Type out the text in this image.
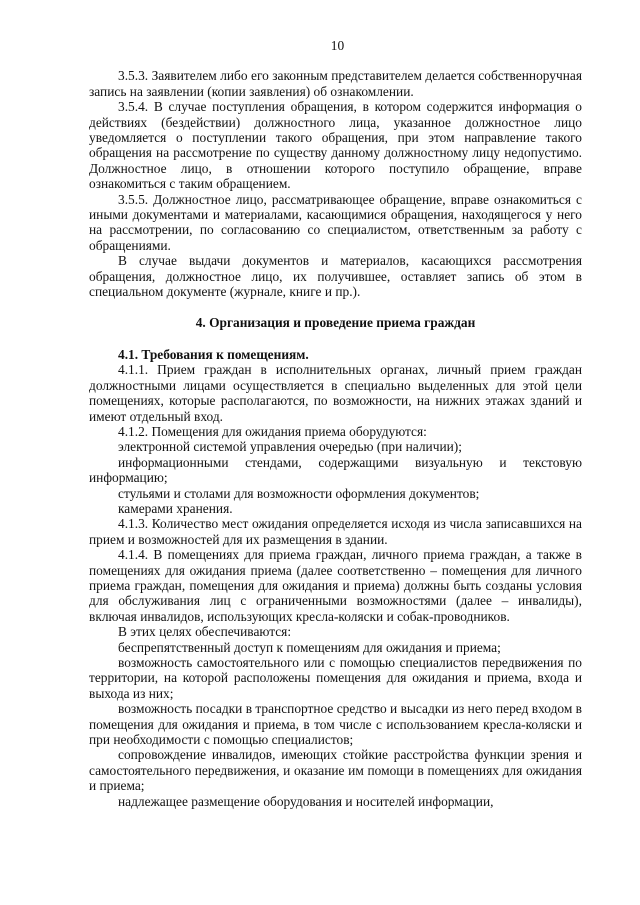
10

3.5.3. Заявителем либо его законным представителем делается собственноручная запись на заявлении (копии заявления) об ознакомлении.

3.5.4. В случае поступления обращения, в котором содержится информация о действиях (бездействии) должностного лица, указанное должностное лицо уведомляется о поступлении такого обращения, при этом направление такого обращения на рассмотрение по существу данному должностному лицу недопустимо. Должностное лицо, в отношении которого поступило обращение, вправе ознакомиться с таким обращением.

3.5.5. Должностное лицо, рассматривающее обращение, вправе ознакомиться с иными документами и материалами, касающимися обращения, находящегося у него на рассмотрении, по согласованию со специалистом, ответственным за работу с обращениями.

В случае выдачи документов и материалов, касающихся рассмотрения обращения, должностное лицо, их получившее, оставляет запись об этом в специальном документе (журнале, книге и пр.).

4. Организация и проведение приема граждан

4.1. Требования к помещениям.

4.1.1. Прием граждан в исполнительных органах, личный прием граждан должностными лицами осуществляется в специально выделенных для этой цели помещениях, которые располагаются, по возможности, на нижних этажах зданий и имеют отдельный вход.

4.1.2. Помещения для ожидания приема оборудуются:

электронной системой управления очередью (при наличии);

информационными стендами, содержащими визуальную и текстовую информацию;

стульями и столами для возможности оформления документов;

камерами хранения.

4.1.3. Количество мест ожидания определяется исходя из числа записавшихся на прием и возможностей для их размещения в здании.

4.1.4. В помещениях для приема граждан, личного приема граждан, а также в помещениях для ожидания приема (далее соответственно – помещения для личного приема граждан, помещения для ожидания и приема) должны быть созданы условия для обслуживания лиц с ограниченными возможностями (далее – инвалиды), включая инвалидов, использующих кресла-коляски и собак-проводников.

В этих целях обеспечиваются:

беспрепятственный доступ к помещениям для ожидания и приема;

возможность самостоятельного или с помощью специалистов передвижения по территории, на которой расположены помещения для ожидания и приема, входа и выхода из них;

возможность посадки в транспортное средство и высадки из него перед входом в помещения для ожидания и приема, в том числе с использованием кресла-коляски и при необходимости с помощью специалистов;

сопровождение инвалидов, имеющих стойкие расстройства функции зрения и самостоятельного передвижения, и оказание им помощи в помещениях для ожидания и приема;

надлежащее размещение оборудования и носителей информации,
